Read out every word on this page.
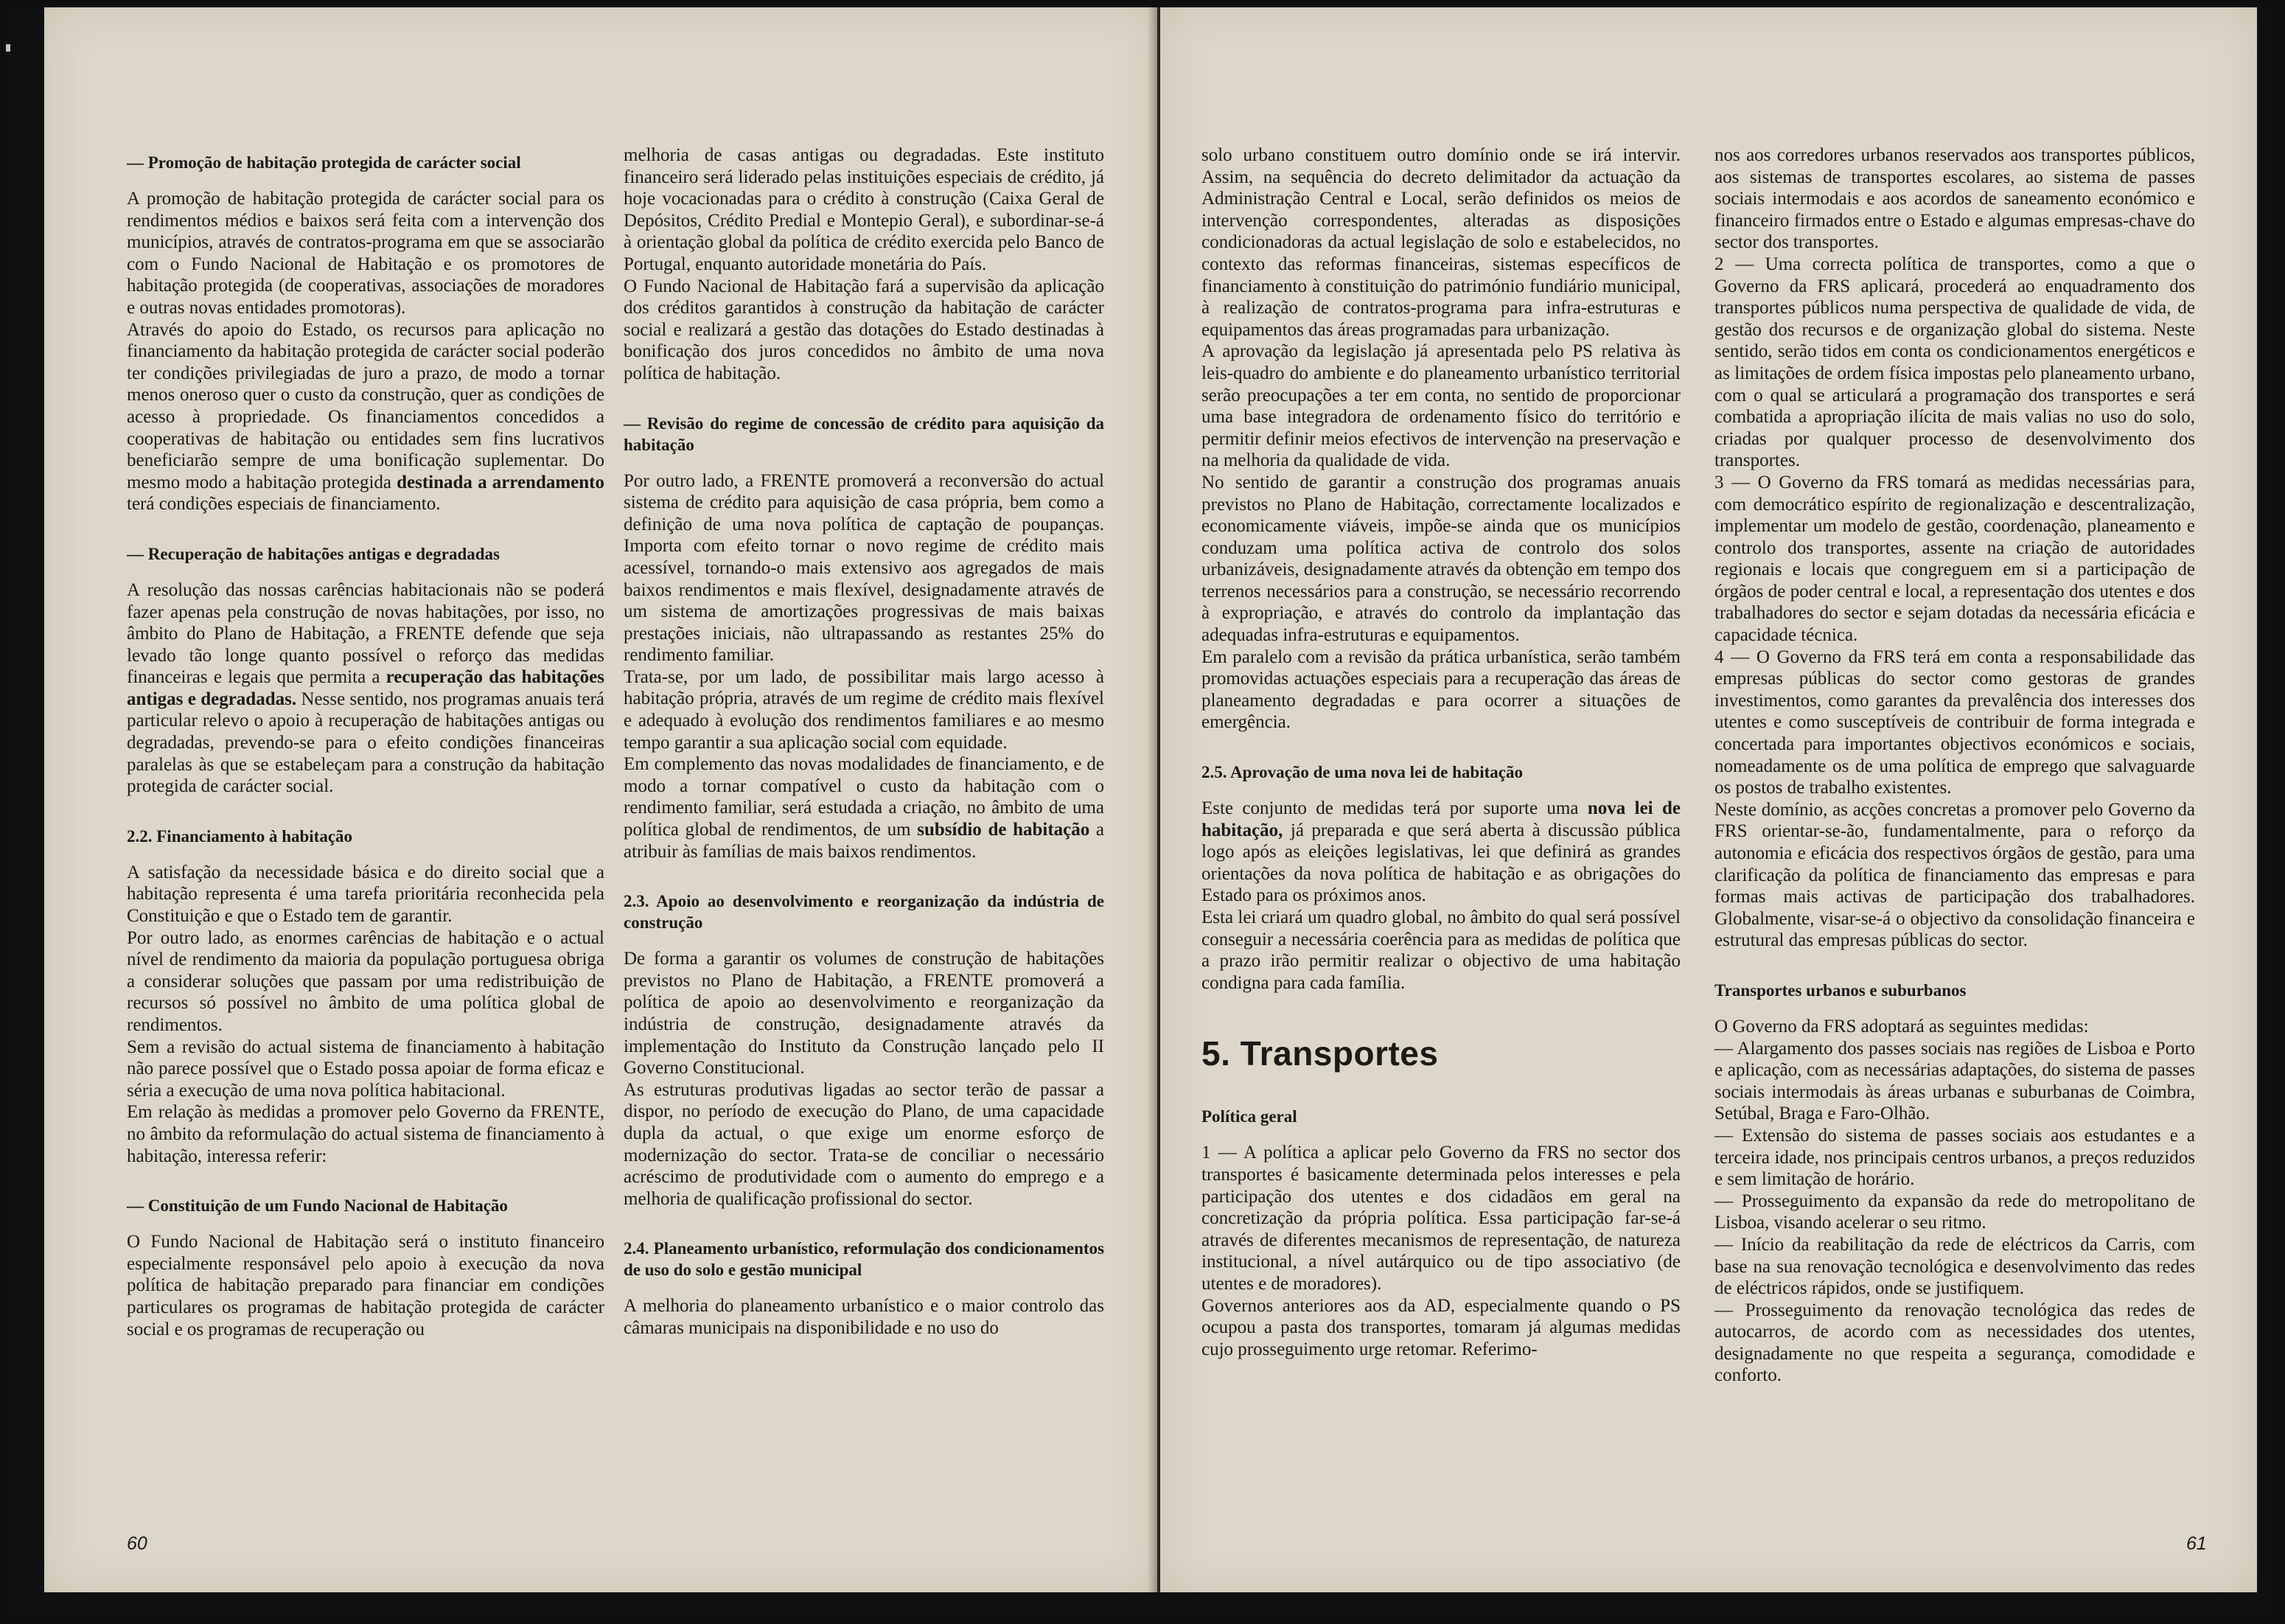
— Promoção de habitação protegida de carácter social

A promoção de habitação protegida de carácter social para os rendimentos médios e baixos será feita com a intervenção dos municípios, através de contratos-programa em que se associarão com o Fundo Nacional de Habitação e os promotores de habitação protegida (de cooperativas, associações de moradores e outras novas entidades promotoras).

Através do apoio do Estado, os recursos para aplicação no financiamento da habitação protegida de carácter social poderão ter condições privilegiadas de juro a prazo, de modo a tornar menos oneroso quer o custo da construção, quer as condições de acesso à propriedade. Os financiamentos concedidos a cooperativas de habitação ou entidades sem fins lucrativos beneficiarão sempre de uma bonificação suplementar. Do mesmo modo a habitação protegida destinada a arrendamento terá condições especiais de financiamento.

— Recuperação de habitações antigas e degradadas

A resolução das nossas carências habitacionais não se poderá fazer apenas pela construção de novas habitações, por isso, no âmbito do Plano de Habitação, a FRENTE defende que seja levado tão longe quanto possível o reforço das medidas financeiras e legais que permita a recuperação das habitações antigas e degradadas. Nesse sentido, nos programas anuais terá particular relevo o apoio à recuperação de habitações antigas ou degradadas, prevendo-se para o efeito condições financeiras paralelas às que se estabeleçam para a construção da habitação protegida de carácter social.

2.2. Financiamento à habitação

A satisfação da necessidade básica e do direito social que a habitação representa é uma tarefa prioritária reconhecida pela Constituição e que o Estado tem de garantir.

Por outro lado, as enormes carências de habitação e o actual nível de rendimento da maioria da população portuguesa obriga a considerar soluções que passam por uma redistribuição de recursos só possível no âmbito de uma política global de rendimentos.

Sem a revisão do actual sistema de financiamento à habitação não parece possível que o Estado possa apoiar de forma eficaz e séria a execução de uma nova política habitacional.

Em relação às medidas a promover pelo Governo da FRENTE, no âmbito da reformulação do actual sistema de financiamento à habitação, interessa referir:

— Constituição de um Fundo Nacional de Habitação

O Fundo Nacional de Habitação será o instituto financeiro especialmente responsável pelo apoio à execução da nova política de habitação preparado para financiar em condições particulares os programas de habitação protegida de carácter social e os programas de recuperação ou

melhoria de casas antigas ou degradadas. Este instituto financeiro será liderado pelas instituições especiais de crédito, já hoje vocacionadas para o crédito à construção (Caixa Geral de Depósitos, Crédito Predial e Montepio Geral), e subordinar-se-á à orientação global da política de crédito exercida pelo Banco de Portugal, enquanto autoridade monetária do País.

O Fundo Nacional de Habitação fará a supervisão da aplicação dos créditos garantidos à construção da habitação de carácter social e realizará a gestão das dotações do Estado destinadas à bonificação dos juros concedidos no âmbito de uma nova política de habitação.

— Revisão do regime de concessão de crédito para aquisição da habitação

Por outro lado, a FRENTE promoverá a reconversão do actual sistema de crédito para aquisição de casa própria, bem como a definição de uma nova política de captação de poupanças. Importa com efeito tornar o novo regime de crédito mais acessível, tornando-o mais extensivo aos agregados de mais baixos rendimentos e mais flexível, designadamente através de um sistema de amortizações progressivas de mais baixas prestações iniciais, não ultrapassando as restantes 25% do rendimento familiar.

Trata-se, por um lado, de possibilitar mais largo acesso à habitação própria, através de um regime de crédito mais flexível e adequado à evolução dos rendimentos familiares e ao mesmo tempo garantir a sua aplicação social com equidade.

Em complemento das novas modalidades de financiamento, e de modo a tornar compatível o custo da habitação com o rendimento familiar, será estudada a criação, no âmbito de uma política global de rendimentos, de um subsídio de habitação a atribuir às famílias de mais baixos rendimentos.

2.3. Apoio ao desenvolvimento e reorganização da indústria de construção

De forma a garantir os volumes de construção de habitações previstos no Plano de Habitação, a FRENTE promoverá a política de apoio ao desenvolvimento e reorganização da indústria de construção, designadamente através da implementação do Instituto da Construção lançado pelo II Governo Constitucional.

As estruturas produtivas ligadas ao sector terão de passar a dispor, no período de execução do Plano, de uma capacidade dupla da actual, o que exige um enorme esforço de modernização do sector. Trata-se de conciliar o necessário acréscimo de produtividade com o aumento do emprego e a melhoria de qualificação profissional do sector.

2.4. Planeamento urbanístico, reformulação dos condicionamentos de uso do solo e gestão municipal

A melhoria do planeamento urbanístico e o maior controlo das câmaras municipais na disponibilidade e no uso do

60

solo urbano constituem outro domínio onde se irá intervir. Assim, na sequência do decreto delimitador da actuação da Administração Central e Local, serão definidos os meios de intervenção correspondentes, alteradas as disposições condicionadoras da actual legislação de solo e estabelecidos, no contexto das reformas financeiras, sistemas específicos de financiamento à constituição do património fundiário municipal, à realização de contratos-programa para infra-estruturas e equipamentos das áreas programadas para urbanização.

A aprovação da legislação já apresentada pelo PS relativa às leis-quadro do ambiente e do planeamento urbanístico territorial serão preocupações a ter em conta, no sentido de proporcionar uma base integradora de ordenamento físico do território e permitir definir meios efectivos de intervenção na preservação e na melhoria da qualidade de vida.

No sentido de garantir a construção dos programas anuais previstos no Plano de Habitação, correctamente localizados e economicamente viáveis, impõe-se ainda que os municípios conduzam uma política activa de controlo dos solos urbanizáveis, designadamente através da obtenção em tempo dos terrenos necessários para a construção, se necessário recorrendo à expropriação, e através do controlo da implantação das adequadas infra-estruturas e equipamentos.

Em paralelo com a revisão da prática urbanística, serão também promovidas actuações especiais para a recuperação das áreas de planeamento degradadas e para ocorrer a situações de emergência.

2.5. Aprovação de uma nova lei de habitação

Este conjunto de medidas terá por suporte uma nova lei de habitação, já preparada e que será aberta à discussão pública logo após as eleições legislativas, lei que definirá as grandes orientações da nova política de habitação e as obrigações do Estado para os próximos anos.

Esta lei criará um quadro global, no âmbito do qual será possível conseguir a necessária coerência para as medidas de política que a prazo irão permitir realizar o objectivo de uma habitação condigna para cada família.

5. Transportes
Política geral

1 — A política a aplicar pelo Governo da FRS no sector dos transportes é basicamente determinada pelos interesses e pela participação dos utentes e dos cidadãos em geral na concretização da própria política. Essa participação far-se-á através de diferentes mecanismos de representação, de natureza institucional, a nível autárquico ou de tipo associativo (de utentes e de moradores).

Governos anteriores aos da AD, especialmente quando o PS ocupou a pasta dos transportes, tomaram já algumas medidas cujo prosseguimento urge retomar. Referimo-

nos aos corredores urbanos reservados aos transportes públicos, aos sistemas de transportes escolares, ao sistema de passes sociais intermodais e aos acordos de saneamento económico e financeiro firmados entre o Estado e algumas empresas-chave do sector dos transportes.

2 — Uma correcta política de transportes, como a que o Governo da FRS aplicará, procederá ao enquadramento dos transportes públicos numa perspectiva de qualidade de vida, de gestão dos recursos e de organização global do sistema. Neste sentido, serão tidos em conta os condicionamentos energéticos e as limitações de ordem física impostas pelo planeamento urbano, com o qual se articulará a programação dos transportes e será combatida a apropriação ilícita de mais valias no uso do solo, criadas por qualquer processo de desenvolvimento dos transportes.

3 — O Governo da FRS tomará as medidas necessárias para, com democrático espírito de regionalização e descentralização, implementar um modelo de gestão, coordenação, planeamento e controlo dos transportes, assente na criação de autoridades regionais e locais que congreguem em si a participação de órgãos de poder central e local, a representação dos utentes e dos trabalhadores do sector e sejam dotadas da necessária eficácia e capacidade técnica.

4 — O Governo da FRS terá em conta a responsabilidade das empresas públicas do sector como gestoras de grandes investimentos, como garantes da prevalência dos interesses dos utentes e como susceptíveis de contribuir de forma integrada e concertada para importantes objectivos económicos e sociais, nomeadamente os de uma política de emprego que salvaguarde os postos de trabalho existentes.

Neste domínio, as acções concretas a promover pelo Governo da FRS orientar-se-ão, fundamentalmente, para o reforço da autonomia e eficácia dos respectivos órgãos de gestão, para uma clarificação da política de financiamento das empresas e para formas mais activas de participação dos trabalhadores. Globalmente, visar-se-á o objectivo da consolidação financeira e estrutural das empresas públicas do sector.

Transportes urbanos e suburbanos

O Governo da FRS adoptará as seguintes medidas:

— Alargamento dos passes sociais nas regiões de Lisboa e Porto e aplicação, com as necessárias adaptações, do sistema de passes sociais intermodais às áreas urbanas e suburbanas de Coimbra, Setúbal, Braga e Faro-Olhão.

— Extensão do sistema de passes sociais aos estudantes e a terceira idade, nos principais centros urbanos, a preços reduzidos e sem limitação de horário.

— Prosseguimento da expansão da rede do metropolitano de Lisboa, visando acelerar o seu ritmo.

— Início da reabilitação da rede de eléctricos da Carris, com base na sua renovação tecnológica e desenvolvimento das redes de eléctricos rápidos, onde se justifiquem.

— Prosseguimento da renovação tecnológica das redes de autocarros, de acordo com as necessidades dos utentes, designadamente no que respeita a segurança, comodidade e conforto.

61
